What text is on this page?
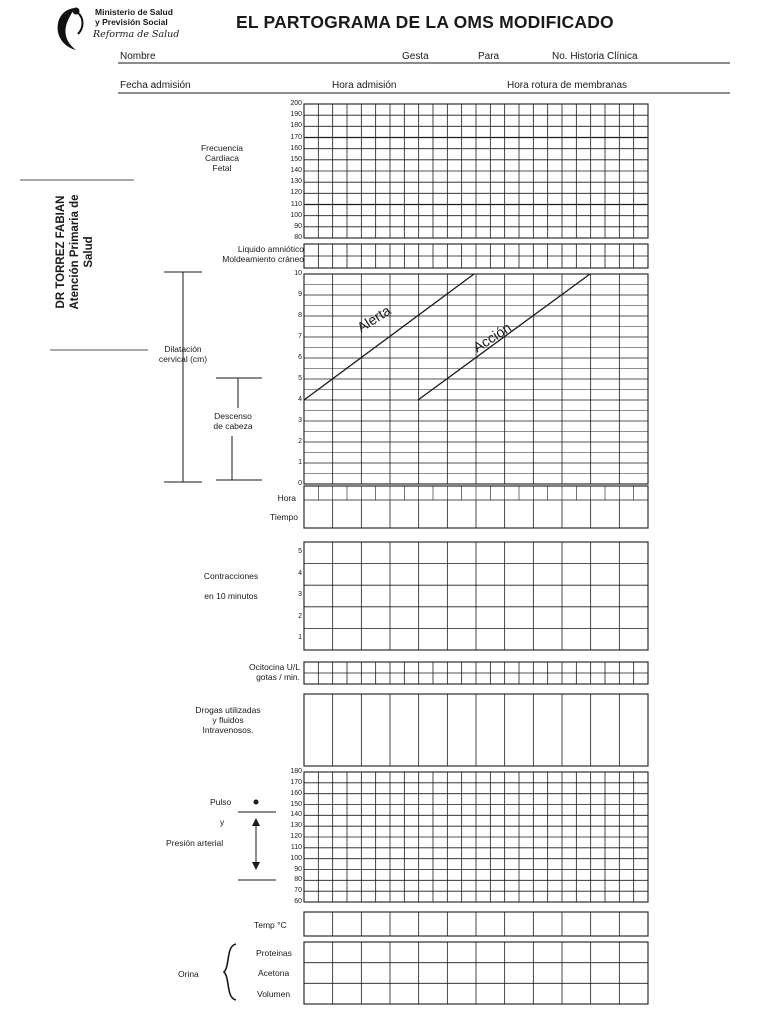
Ministerio de Salud
y Previsión Social
Reforma de Salud
EL PARTOGRAMA DE LA OMS MODIFICADO
Nombre	Gesta	Para	No. Historia Clínica
Fecha admisión	Hora admisión	Hora rotura de membranas
DR TORREZ FABIAN Atención Primaria de Salud
Frecuencia
Cardiaca
Fetal
200
190
180
170
160
150
140
130
120
110
100
90
80
Liquido amniótico
Moldeamiento cráneo
Dilatación
cervical (cm)
Descenso
de cabeza
10
9
8
7
6
5
4
3
2
1
0
Hora
Tiempo
Alerta
Acción
Contracciones
en 10 minutos
5
4
3
2
1
Ocitocina U/L
gotas / min.
Drogas utilizadas
y fluidos
Intravenosos.
Pulso
y
Presión arterial
180
170
160
150
140
130
120
110
100
90
80
70
60
Temp °C
Orina
Proteinas
Acetona
Volumen
